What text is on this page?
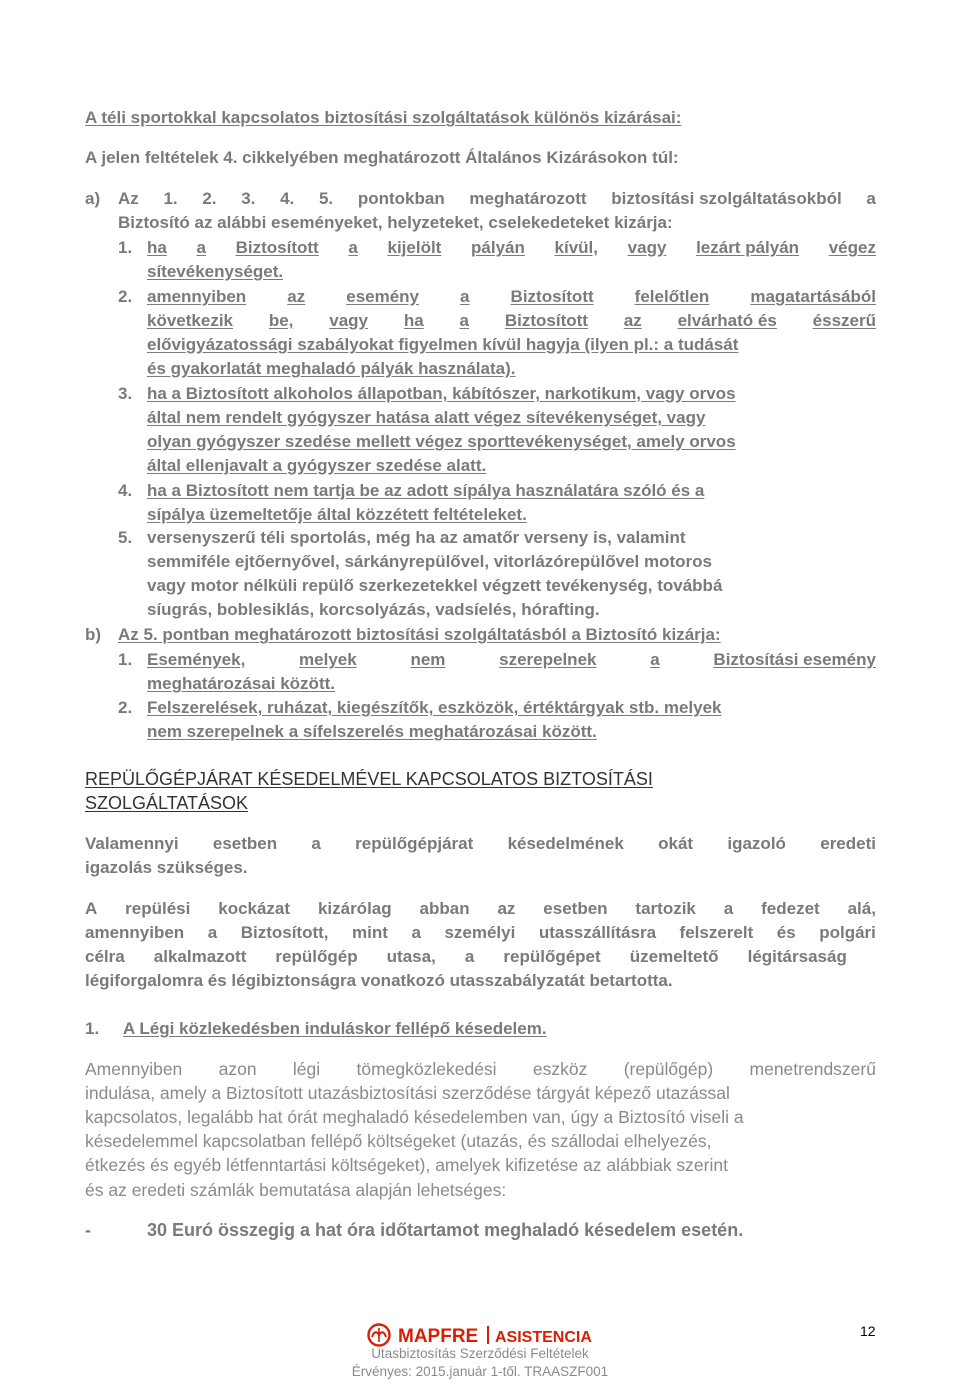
A téli sportokkal kapcsolatos biztosítási szolgáltatások különös kizárásai:
A jelen feltételek 4. cikkelyében meghatározott Általános Kizárásokon túl:
a) Az 1. 2. 3. 4. 5. pontokban meghatározott biztosítási szolgáltatásokból a
Biztosító az alábbi eseményeket, helyzeteket, cselekedeteket kizárja:
1. ha a Biztosított a kijelölt pályán kívül, vagy lezárt pályán végez
sítevékenységet.
2. amennyiben az esemény a Biztosított felelőtlen magatartásából
következik be, vagy ha a Biztosított az elvárható és ésszerű
elővigyázatossági szabályokat figyelmen kívül hagyja (ilyen pl.: a tudását
és gyakorlatát meghaladó pályák használata).
3. ha a Biztosított alkoholos állapotban, kábítószer, narkotikum, vagy orvos
által nem rendelt gyógyszer hatása alatt végez sítevékenységet, vagy
olyan gyógyszer szedése mellett végez sporttevékenységet, amely orvos
által ellenjavalt a gyógyszer szedése alatt.
4. ha a Biztosított nem tartja be az adott sípálya használatára szóló és a
sípálya üzemeltetője által közzétett feltételeket.
5. versenyszerű téli sportolás, még ha az amatőr verseny is, valamint
semmiféle ejtőernyővel, sárkányrepülővel, vitorlázórepülővel motoros
vagy motor nélküli repülő szerkezetekkel végzett tevékenység, továbbá
síugrás, boblesiklás, korcsolyázás, vadsíelés, hórafting.
b) Az 5. pontban meghatározott biztosítási szolgáltatásból a Biztosító kizárja:
1. Események,	melyek	nem	szerepelnek	a	Biztosítási esemény
meghatározásai között.
2. Felszerelések, ruházat, kiegészítők, eszközök, értéktárgyak stb. melyek
nem szerepelnek a sífelszerelés meghatározásai között.
REPÜLŐGÉPJÁRAT KÉSEDELMÉVEL KAPCSOLATOS BIZTOSÍTÁSI
SZOLGÁLTATÁSOK
Valamennyi esetben a repülőgépjárat késedelmének okát igazoló eredeti
igazolás szükséges.
A repülési kockázat kizárólag abban az esetben tartozik a fedezet alá,
amennyiben a Biztosított, mint a személyi utasszállításra felszerelt és polgári
célra alkalmazott repülőgép utasa, a repülőgépet üzemeltető légitársaság
légiforgalomra és légibiztonságra vonatkozó utasszabályzatát betartotta.
1. A Légi közlekedésben induláskor fellépő késedelem.
Amennyiben azon légi tömegközlekedési eszköz (repülőgép) menetrendszerű
indulása, amely a Biztosított utazásbiztosítási szerződése tárgyát képező utazással
kapcsolatos, legalább hat órát meghaladó késedelemben van, úgy a Biztosító viseli a
késedelemmel kapcsolatban fellépő költségeket (utazás, és szállodai elhelyezés,
étkezés és egyéb létfenntartási költségeket), amelyek kifizetése az alábbiak szerint
és az eredeti számlák bemutatása alapján lehetséges:
-	30 Euró összegig a hat óra időtartamot meghaladó késedelem esetén.
MAPFRE ASISTENCIA
Utasbiztosítás Szerződési Feltételek
Érvényes: 2015.január 1-től. TRAASZF001
12
